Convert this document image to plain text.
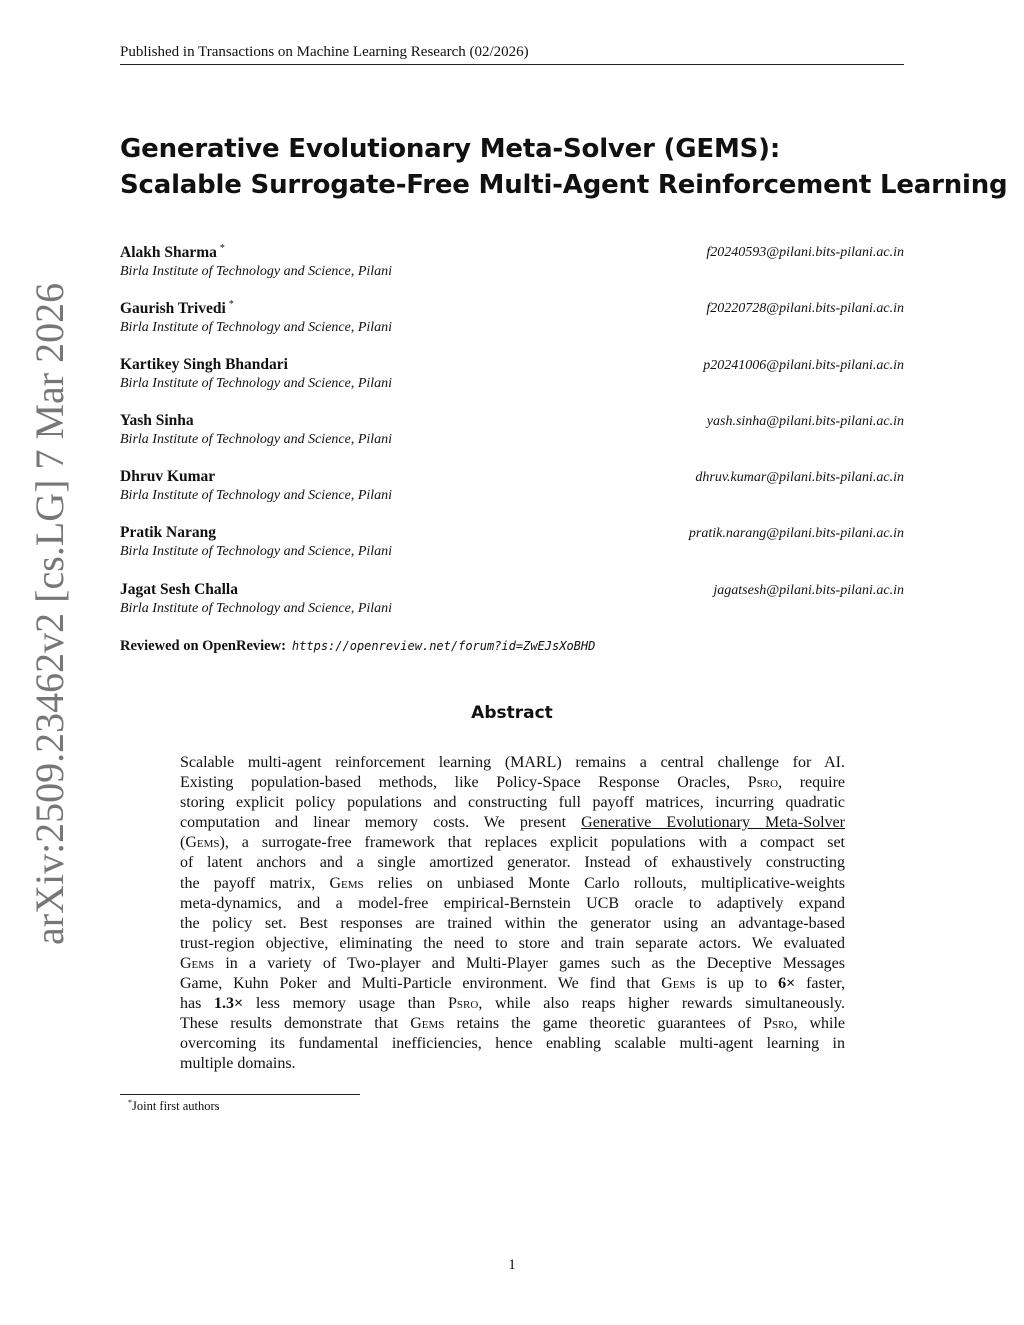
Published in Transactions on Machine Learning Research (02/2026)
arXiv:2509.23462v2 [cs.LG] 7 Mar 2026
Generative Evolutionary Meta-Solver (GEMS):
Scalable Surrogate-Free Multi-Agent Reinforcement Learning
Alakh Sharma *
Birla Institute of Technology and Science, Pilani
f20240593@pilani.bits-pilani.ac.in
Gaurish Trivedi *
Birla Institute of Technology and Science, Pilani
f20220728@pilani.bits-pilani.ac.in
Kartikey Singh Bhandari
Birla Institute of Technology and Science, Pilani
p20241006@pilani.bits-pilani.ac.in
Yash Sinha
Birla Institute of Technology and Science, Pilani
yash.sinha@pilani.bits-pilani.ac.in
Dhruv Kumar
Birla Institute of Technology and Science, Pilani
dhruv.kumar@pilani.bits-pilani.ac.in
Pratik Narang
Birla Institute of Technology and Science, Pilani
pratik.narang@pilani.bits-pilani.ac.in
Jagat Sesh Challa
Birla Institute of Technology and Science, Pilani
jagatsesh@pilani.bits-pilani.ac.in
Reviewed on OpenReview: https://openreview.net/forum?id=ZwEJsXoBHD
Abstract
Scalable multi-agent reinforcement learning (MARL) remains a central challenge for AI.
Existing population-based methods, like Policy-Space Response Oracles, Psro, require
storing explicit policy populations and constructing full payoff matrices, incurring quadratic
computation and linear memory costs. We present Generative Evolutionary Meta-Solver
(Gems), a surrogate-free framework that replaces explicit populations with a compact set
of latent anchors and a single amortized generator. Instead of exhaustively constructing
the payoff matrix, Gems relies on unbiased Monte Carlo rollouts, multiplicative-weights
meta-dynamics, and a model-free empirical-Bernstein UCB oracle to adaptively expand
the policy set. Best responses are trained within the generator using an advantage-based
trust-region objective, eliminating the need to store and train separate actors. We evaluated
Gems in a variety of Two-player and Multi-Player games such as the Deceptive Messages
Game, Kuhn Poker and Multi-Particle environment. We find that Gems is up to 6× faster,
has 1.3× less memory usage than Psro, while also reaps higher rewards simultaneously.
These results demonstrate that Gems retains the game theoretic guarantees of Psro, while
overcoming its fundamental inefficiencies, hence enabling scalable multi-agent learning in
multiple domains.
*Joint first authors
1
